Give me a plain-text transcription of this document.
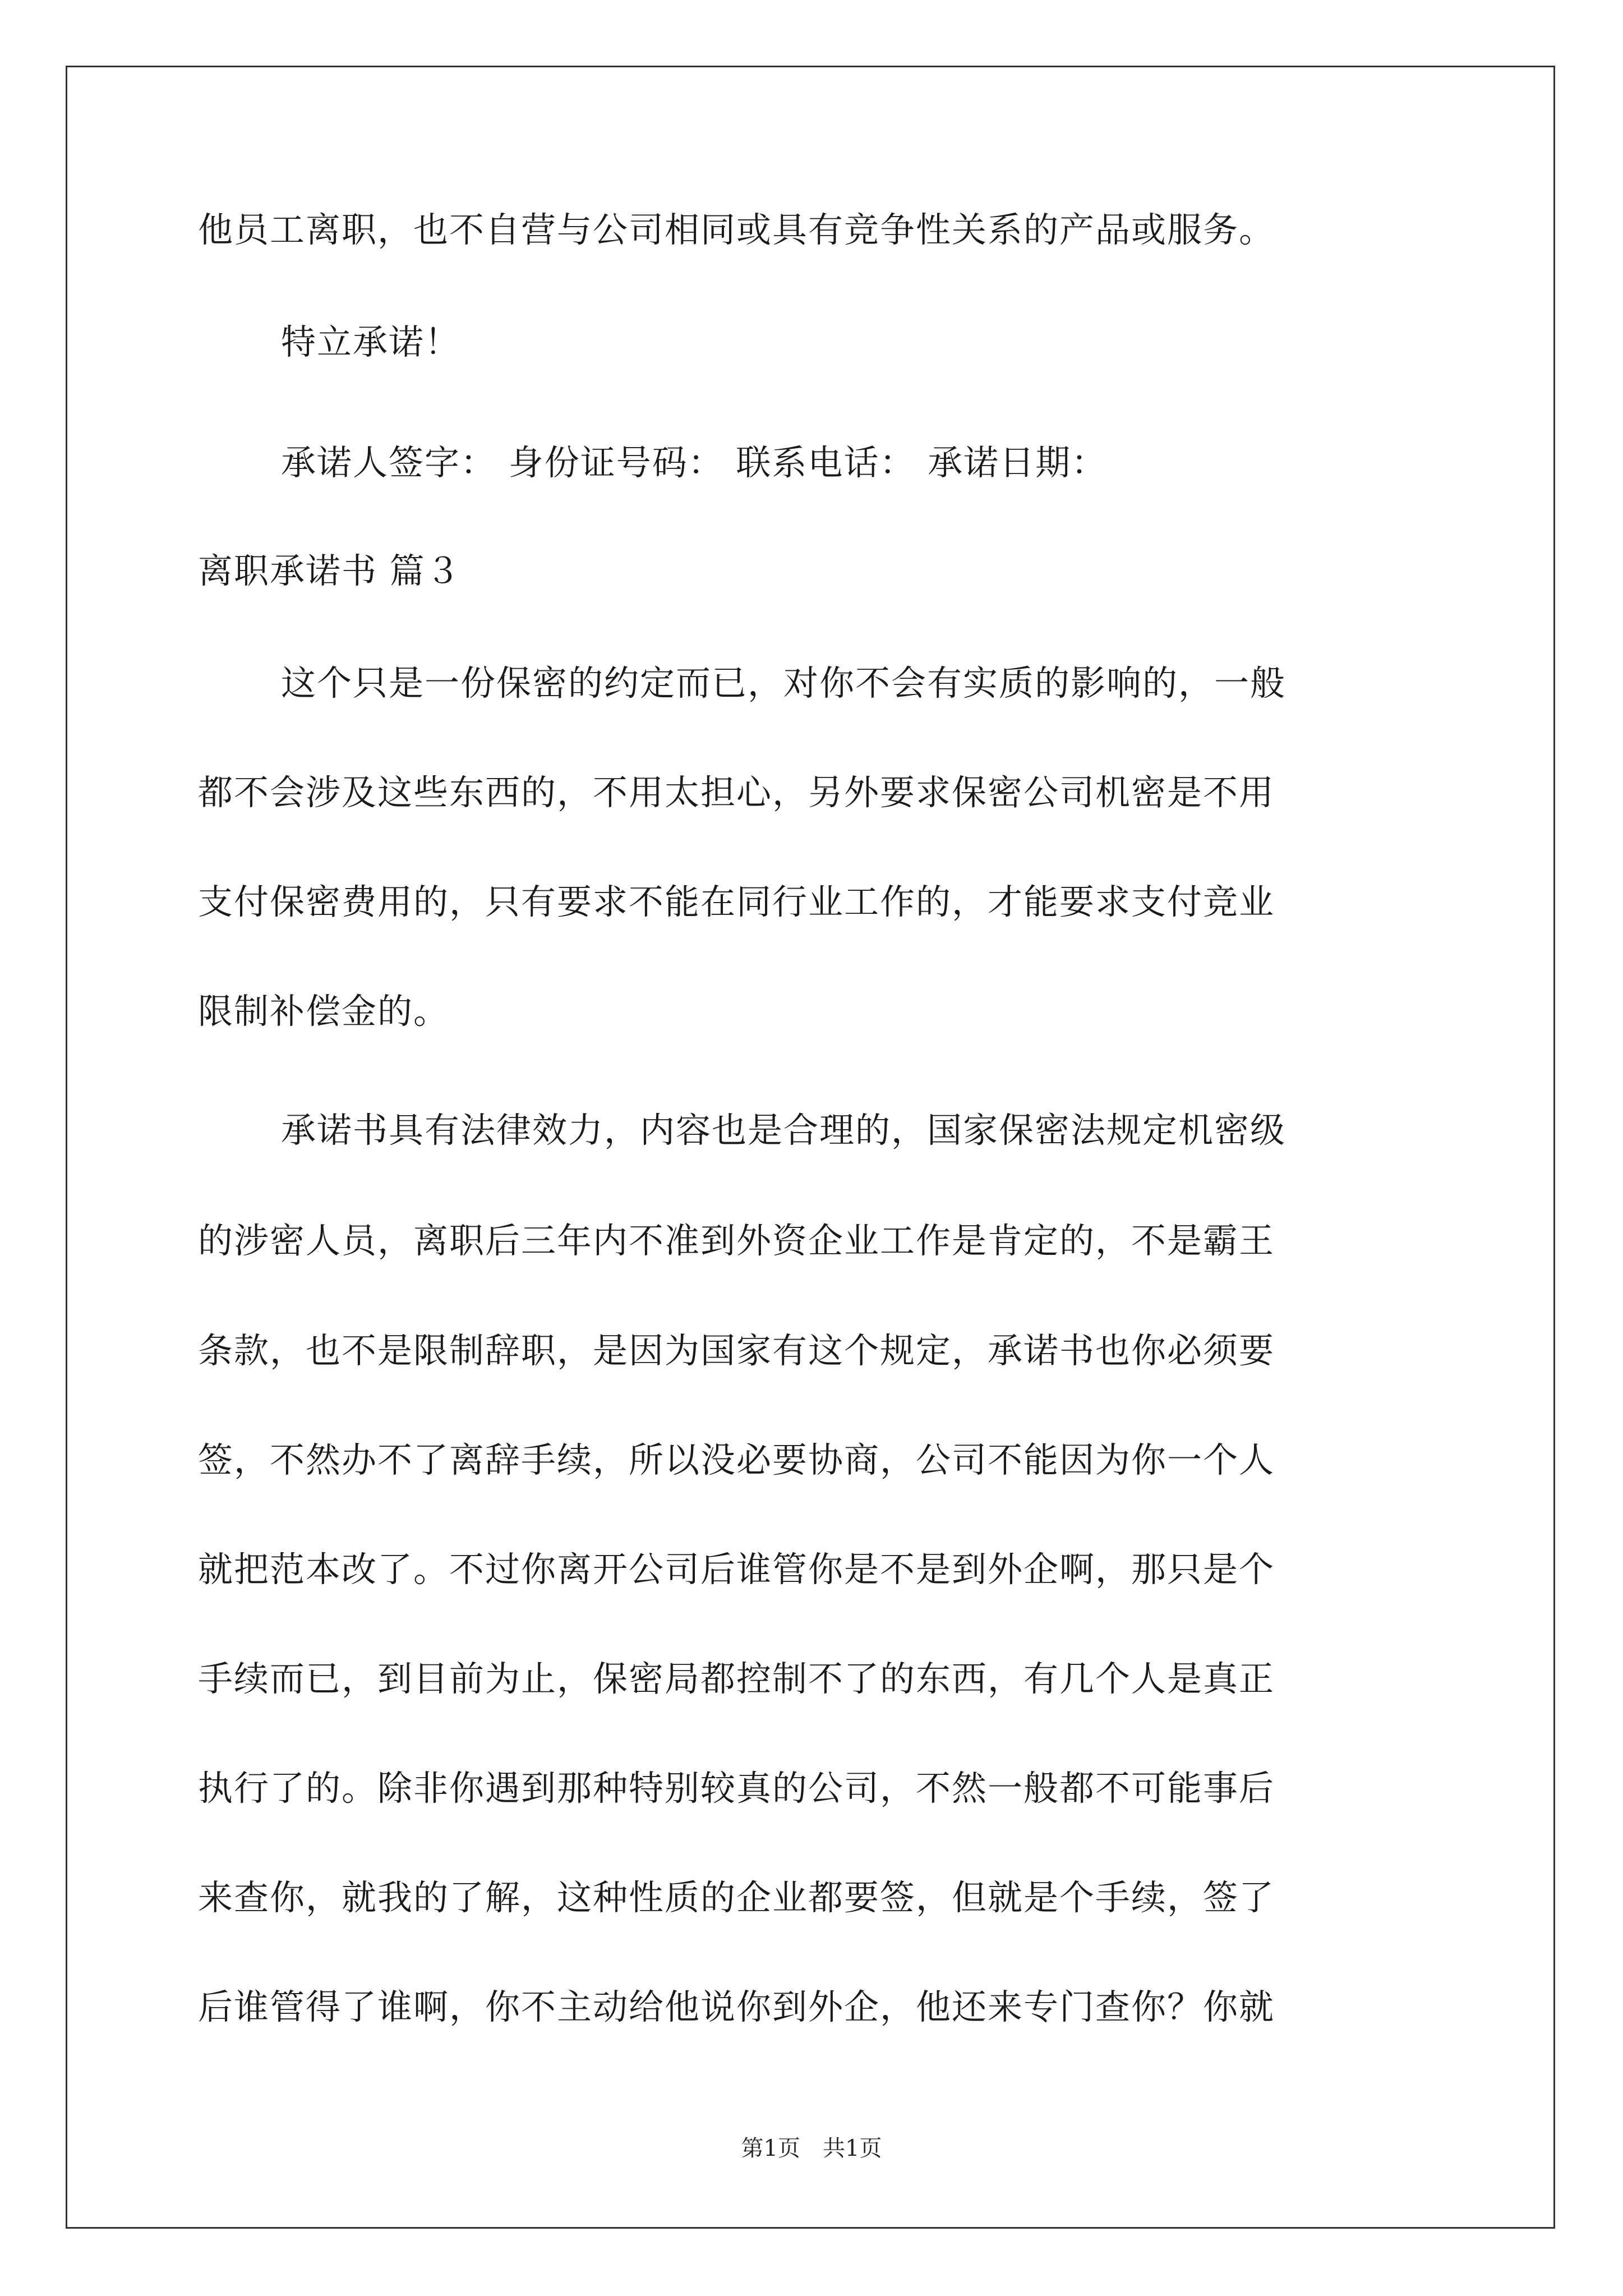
他员工离职，也不自营与公司相同或具有竞争性关系的产品或服务。
特立承诺！
承诺人签字： 身份证号码： 联系电话： 承诺日期：
离职承诺书 篇３
这个只是一份保密的约定而已，对你不会有实质的影响的，一般
都不会涉及这些东西的，不用太担心，另外要求保密公司机密是不用
支付保密费用的，只有要求不能在同行业工作的，才能要求支付竞业
限制补偿金的。
承诺书具有法律效力，内容也是合理的，国家保密法规定机密级
的涉密人员，离职后三年内不准到外资企业工作是肯定的，不是霸王
条款，也不是限制辞职，是因为国家有这个规定，承诺书也你必须要
签，不然办不了离辞手续，所以没必要协商，公司不能因为你一个人
就把范本改了。不过你离开公司后谁管你是不是到外企啊，那只是个
手续而已，到目前为止，保密局都控制不了的东西，有几个人是真正
执行了的。除非你遇到那种特别较真的公司，不然一般都不可能事后
来查你，就我的了解，这种性质的企业都要签，但就是个手续，签了
后谁管得了谁啊，你不主动给他说你到外企，他还来专门查你？你就
第1页 共1页
